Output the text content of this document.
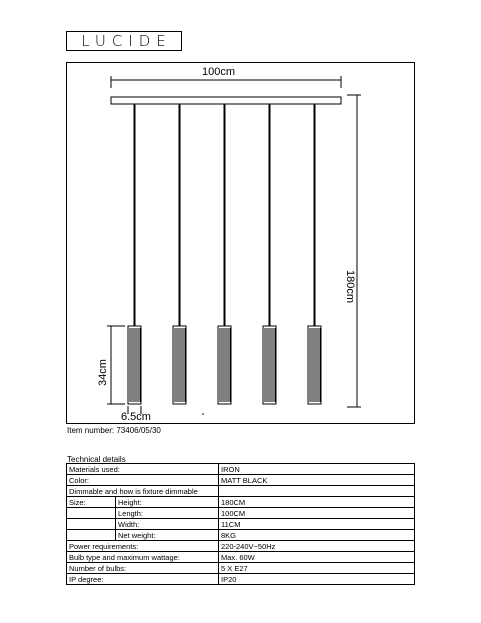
LUCIDE
100cm
180cm
34cm
6.5cm
Item number: 73406/05/30
Technical details
Materials used:		IRON
Color:		MATT BLACK
Dimmable and how is fixture dimmable		
Size:	Height:	180CM
	Length:	100CM
	Width:	11CM
	Net weight:	8KG
Power requirements:		220-240V~50Hz
Bulb type and maximum wattage:		Max. 60W
Number of bulbs:		5 X E27
IP degree:		IP20
